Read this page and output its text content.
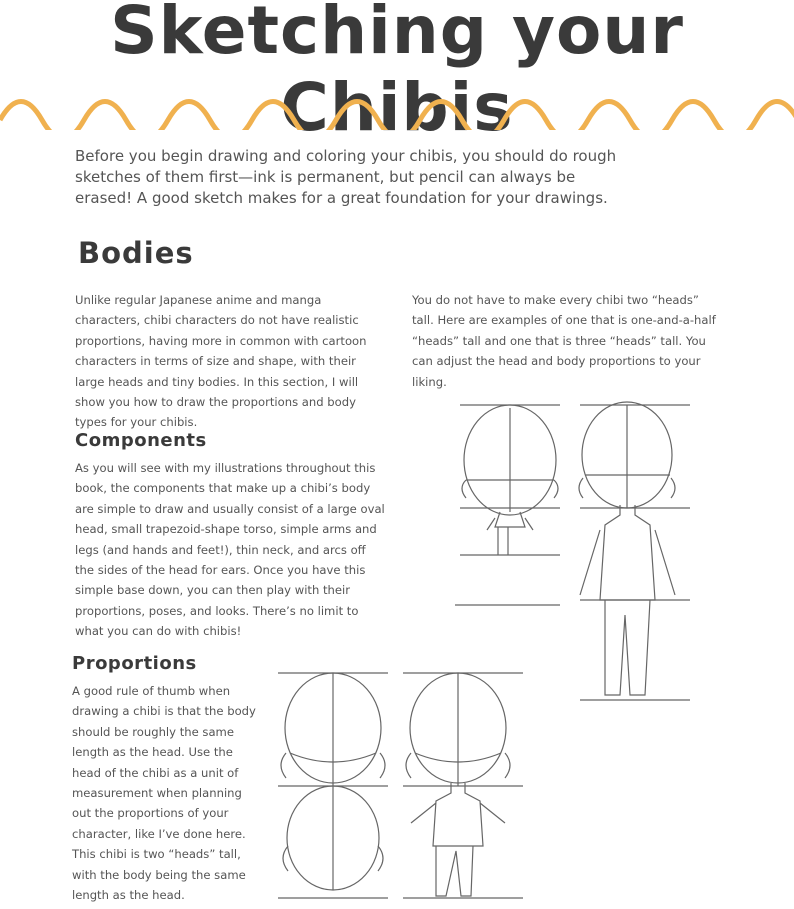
Sketching your Chibis
Before you begin drawing and coloring your chibis, you should do rough sketches of them first—ink is permanent, but pencil can always be erased! A good sketch makes for a great foundation for your drawings.
Bodies
Unlike regular Japanese anime and manga characters, chibi characters do not have realistic proportions, having more in common with cartoon characters in terms of size and shape, with their large heads and tiny bodies. In this section, I will show you how to draw the proportions and body types for your chibis.
You do not have to make every chibi two “heads” tall. Here are examples of one that is one-and-a-half “heads” tall and one that is three “heads” tall. You can adjust the head and body proportions to your liking.
Components
As you will see with my illustrations throughout this book, the components that make up a chibi’s body are simple to draw and usually consist of a large oval head, small trapezoid-shape torso, simple arms and legs (and hands and feet!), thin neck, and arcs off the sides of the head for ears. Once you have this simple base down, you can then play with their proportions, poses, and looks. There’s no limit to what you can do with chibis!
Proportions
A good rule of thumb when drawing a chibi is that the body should be roughly the same length as the head. Use the head of the chibi as a unit of measurement when planning out the proportions of your character, like I’ve done here. This chibi is two “heads” tall, with the body being the same length as the head.
